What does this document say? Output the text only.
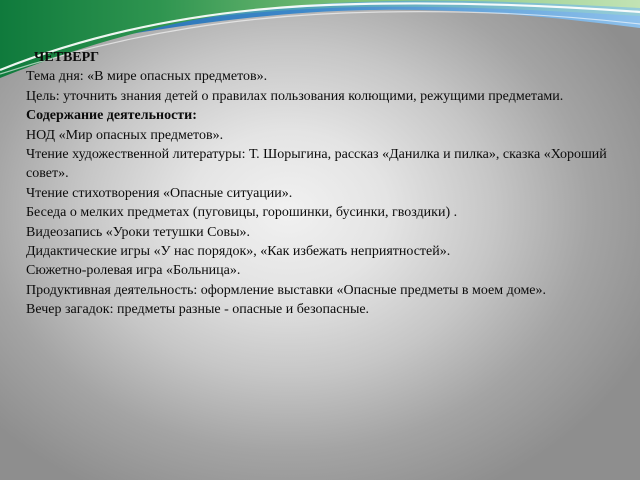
ЧЕТВЕРГ

Тема дня: «В мире опасных предметов».

Цель: уточнить знания детей о правилах пользования колющими, режущими предметами.

Содержание деятельности:

НОД «Мир опасных предметов».

Чтение художественной литературы: Т. Шорыгина, рассказ «Данилка и пилка», сказка «Хороший совет».

Чтение стихотворения «Опасные ситуации».

Беседа о мелких предметах (пуговицы, горошинки, бусинки, гвоздики) .

Видеозапись «Уроки тетушки Совы».

Дидактические игры «У нас порядок», «Как избежать неприятностей».

Сюжетно-ролевая игра «Больница».

Продуктивная деятельность: оформление выставки «Опасные предметы в моем доме».

Вечер загадок: предметы разные - опасные и безопасные.
